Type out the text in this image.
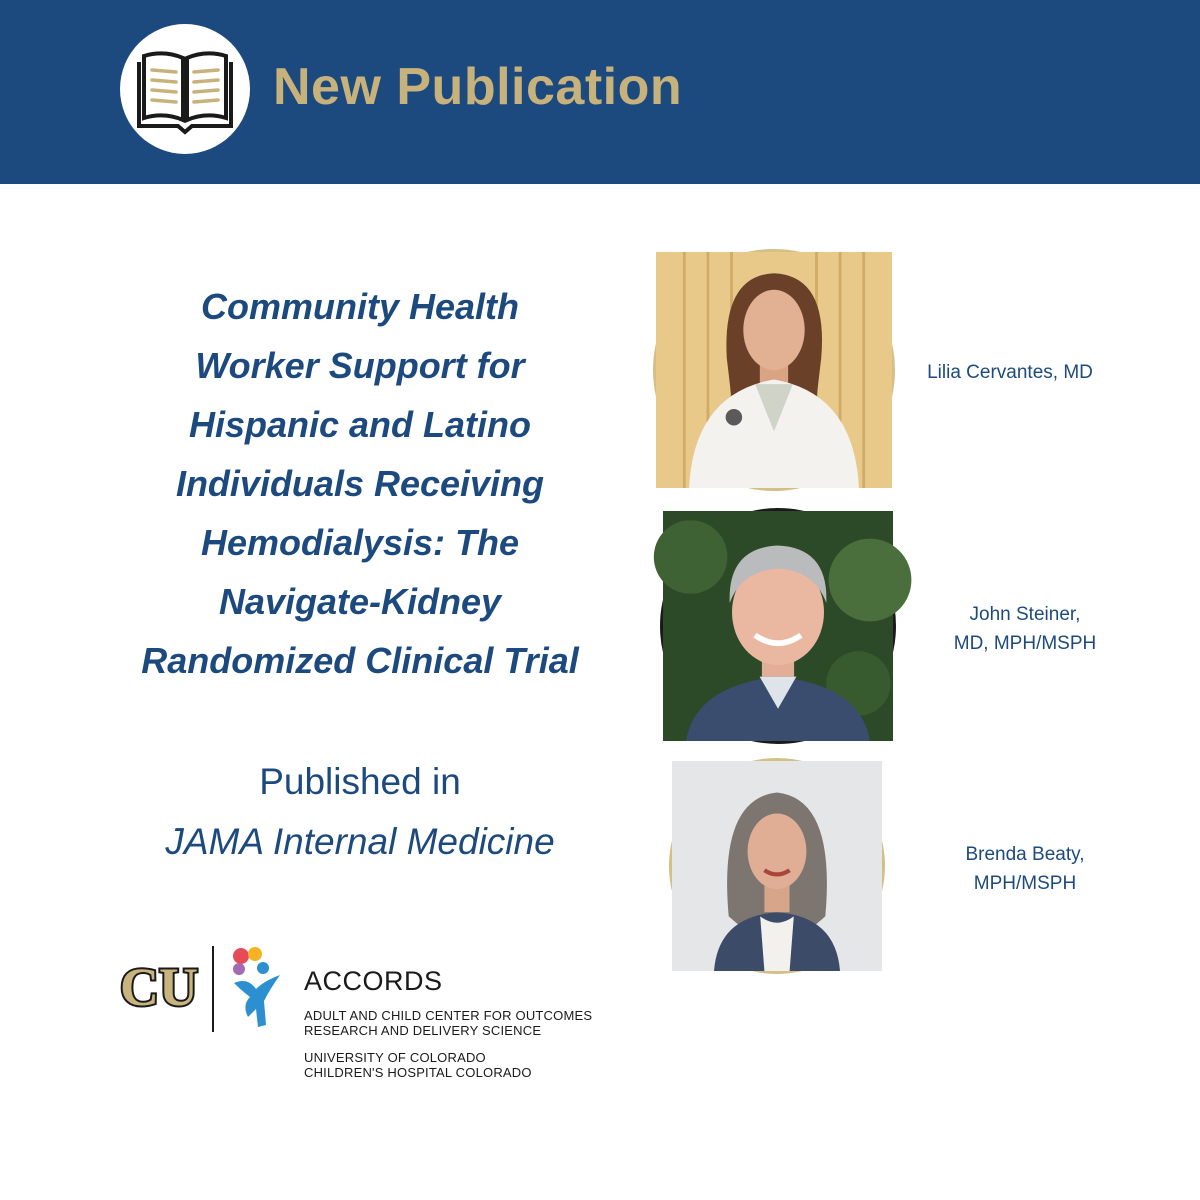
New Publication
Community Health
Worker Support for
Hispanic and Latino
Individuals Receiving
Hemodialysis: The
Navigate-Kidney
Randomized Clinical Trial
Published in
JAMA Internal Medicine
Lilia Cervantes, MD
John Steiner,
MD, MPH/MSPH
Brenda Beaty,
MPH/MSPH
CU	ACCORDS
ADULT AND CHILD CENTER FOR OUTCOMES
RESEARCH AND DELIVERY SCIENCE
UNIVERSITY OF COLORADO
CHILDREN'S HOSPITAL COLORADO
